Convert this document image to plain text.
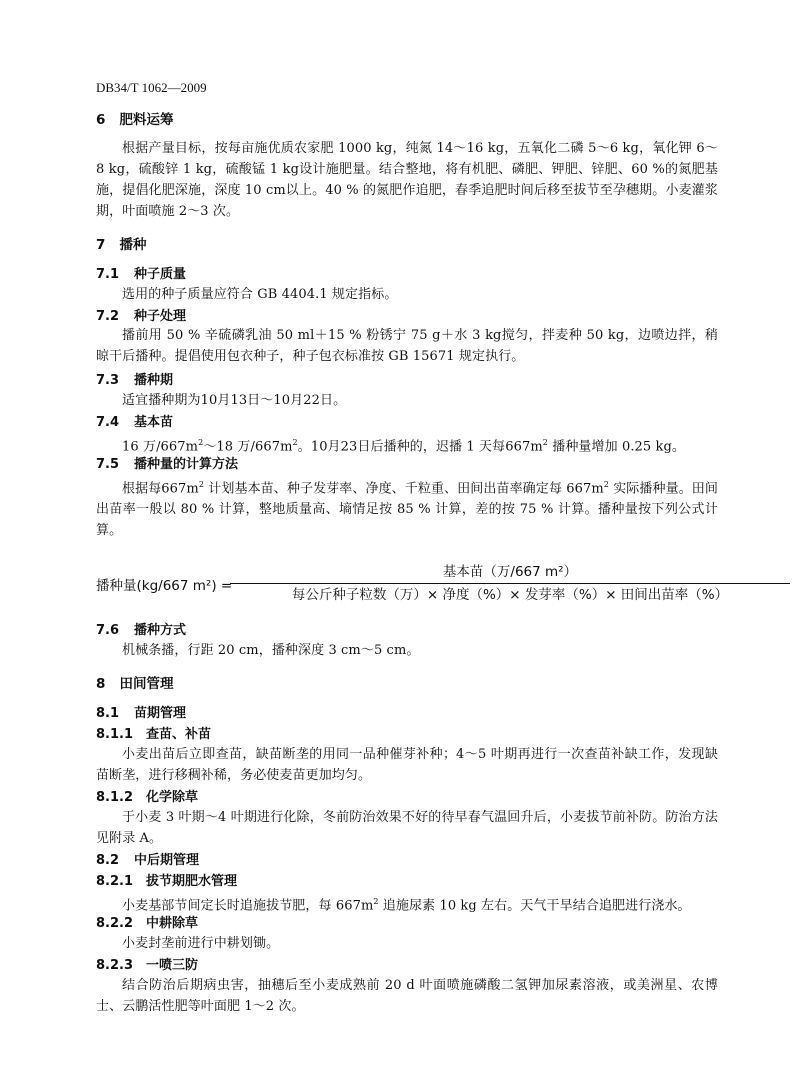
DB34/T 1062—2009
6 肥料运筹
根据产量目标，按每亩施优质农家肥 1000 kg，纯氮 14～16 kg，五氧化二磷 5～6 kg，氧化钾 6～8 kg，硫酸锌 1 kg，硫酸锰 1 kg设计施肥量。结合整地，将有机肥、磷肥、钾肥、锌肥、60 %的氮肥基施，提倡化肥深施，深度 10 cm以上。40 % 的氮肥作追肥，春季追肥时间后移至拔节至孕穗期。小麦灌浆期，叶面喷施 2～3 次。
7 播种
7.1 种子质量
选用的种子质量应符合 GB 4404.1 规定指标。
7.2 种子处理
播前用 50 % 辛硫磷乳油 50 ml＋15 % 粉锈宁 75 g＋水 3 kg搅匀，拌麦种 50 kg，边喷边拌，稍晾干后播种。提倡使用包衣种子，种子包衣标准按 GB 15671 规定执行。
7.3 播种期
适宜播种期为10月13日～10月22日。
7.4 基本苗
16 万$/667m^2\sim 18$ 万$/667m^2$。10月23日后播种的，迟播 1 天每$667m^2$ 播种量增加 0.25 kg。
7.5 播种量的计算方法
根据每$667m^2$ 计划基本苗、种子发芽率、净度、千粒重、田间出苗率确定每 $667m^2$ 实际播种量。田间出苗率一般以 80 % 计算，整地质量高、墒情足按 85 % 计算，差的按 75 % 计算。播种量按下列公式计算。
播种量(kg/667 m²) =
基本苗（万/667 m²）
每公斤种子粒数（万）× 净度（%）× 发芽率（%）× 田间出苗率（%）
7.6 播种方式
机械条播，行距 20 cm，播种深度 3 cm～5 cm。
8 田间管理
8.1 苗期管理
8.1.1 查苗、补苗
小麦出苗后立即查苗，缺苗断垄的用同一品种催芽补种；4～5 叶期再进行一次查苗补缺工作，发现缺苗断垄，进行移稠补稀，务必使麦苗更加均匀。
8.1.2 化学除草
于小麦 3 叶期～4 叶期进行化除，冬前防治效果不好的待早春气温回升后，小麦拔节前补防。防治方法见附录 A。
8.2 中后期管理
8.2.1 拔节期肥水管理
小麦基部节间定长时追施拔节肥，每 $667m^2$ 追施尿素 10 kg 左右。天气干旱结合追肥进行浇水。
8.2.2 中耕除草
小麦封垄前进行中耕划锄。
8.2.3 一喷三防
结合防治后期病虫害，抽穗后至小麦成熟前 20 d 叶面喷施磷酸二氢钾加尿素溶液，或美洲星、农博士、云鹏活性肥等叶面肥 1～2 次。
